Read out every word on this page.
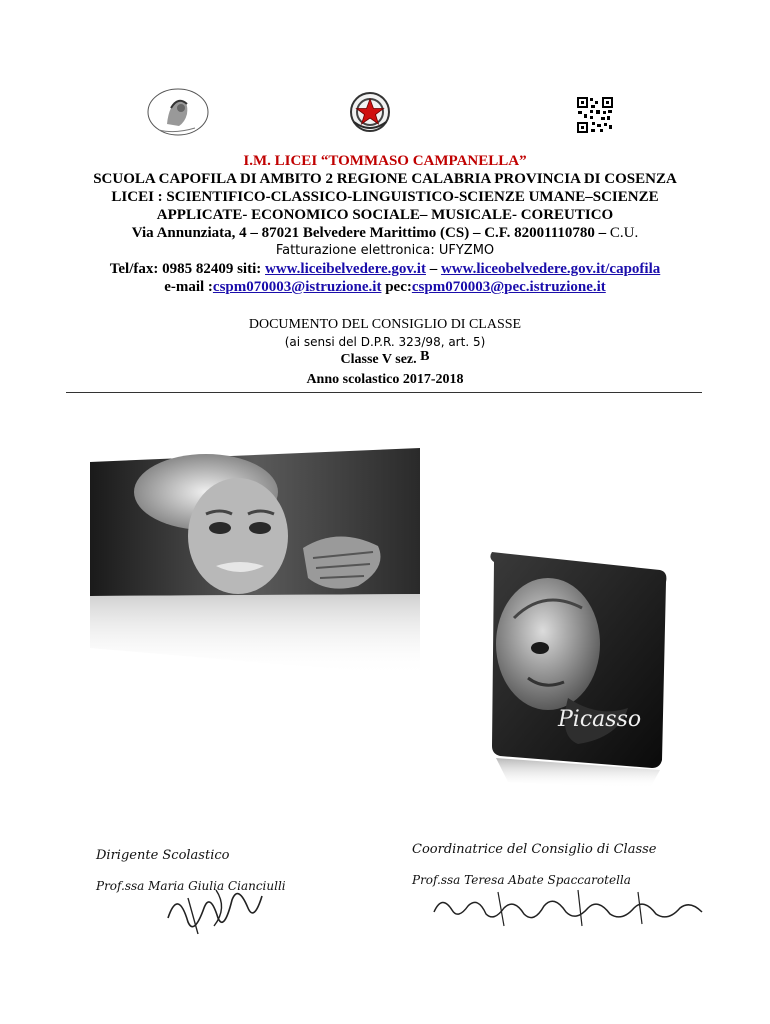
I.M. LICEI “TOMMASO CAMPANELLA”

SCUOLA CAPOFILA DI AMBITO 2 REGIONE CALABRIA PROVINCIA DI COSENZA

LICEI : SCIENTIFICO-CLASSICO-LINGUISTICO-SCIENZE UMANE–SCIENZE

APPLICATE- ECONOMICO SOCIALE– MUSICALE- COREUTICO

Via Annunziata, 4 – 87021 Belvedere Marittimo (CS) – C.F. 82001110780 – C.U.

Fatturazione elettronica: UFYZMO

Tel/fax: 0985 82409 siti: www.liceibelvedere.gov.it – www.liceobelvedere.gov.it/capofila

e-mail :cspm070003@istruzione.it pec:cspm070003@pec.istruzione.it

DOCUMENTO DEL CONSIGLIO DI CLASSE

(ai sensi del D.P.R. 323/98, art. 5)

Classe V sez. B

Anno scolastico 2017-2018

Picasso

Dirigente Scolastico

Prof.ssa Maria Giulia Cianciulli

Coordinatrice del Consiglio di Classe

Prof.ssa Teresa Abate Spaccarotella
